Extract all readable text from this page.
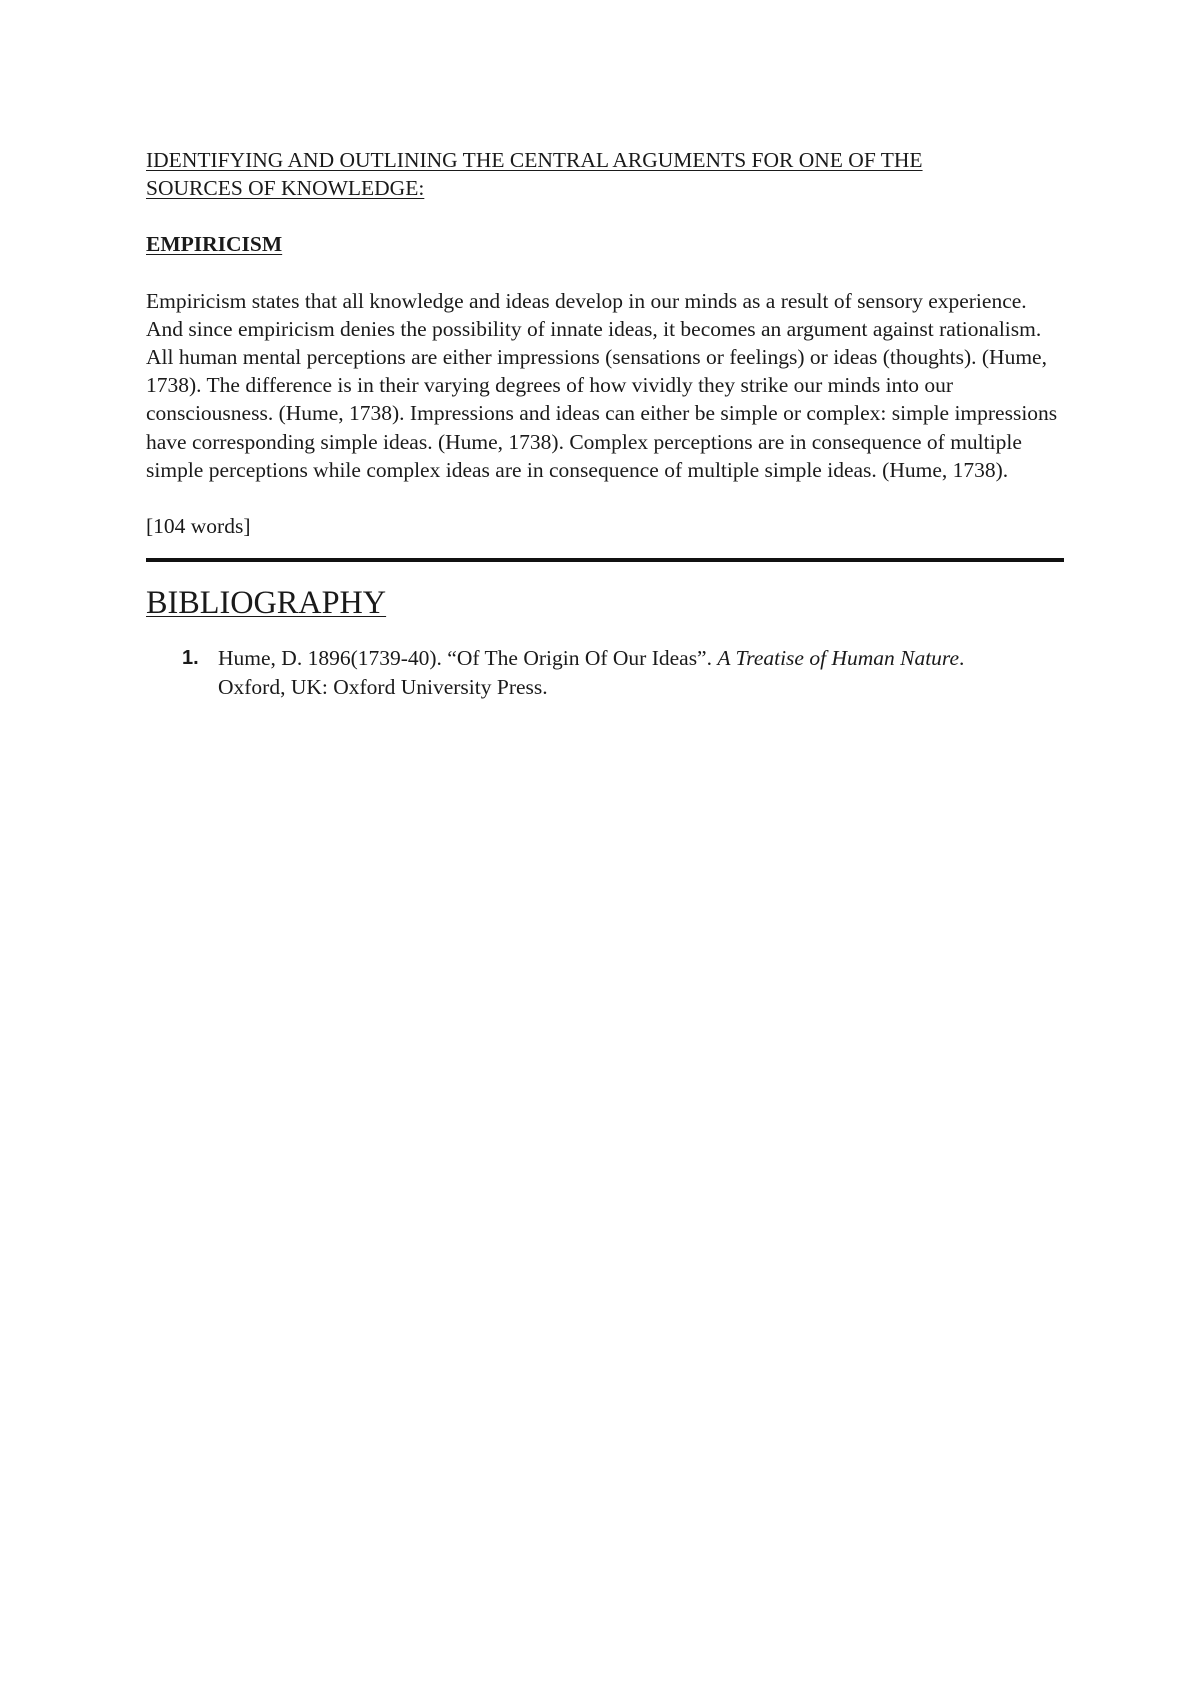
IDENTIFYING AND OUTLINING THE CENTRAL ARGUMENTS FOR ONE OF THE
SOURCES OF KNOWLEDGE:
EMPIRICISM

Empiricism states that all knowledge and ideas develop in our minds as a result of sensory experience. And since empiricism denies the possibility of innate ideas, it becomes an argument against rationalism. All human mental perceptions are either impressions (sensations or feelings) or ideas (thoughts). (Hume, 1738). The difference is in their varying degrees of how vividly they strike our minds into our consciousness. (Hume, 1738). Impressions and ideas can either be simple or complex: simple impressions have corresponding simple ideas. (Hume, 1738). Complex perceptions are in consequence of multiple simple perceptions while complex ideas are in consequence of multiple simple ideas. (Hume, 1738).

[104 words]

BIBLIOGRAPHY
1. Hume, D. 1896(1739-40). “Of The Origin Of Our Ideas”. A Treatise of Human Nature. Oxford, UK: Oxford University Press.
